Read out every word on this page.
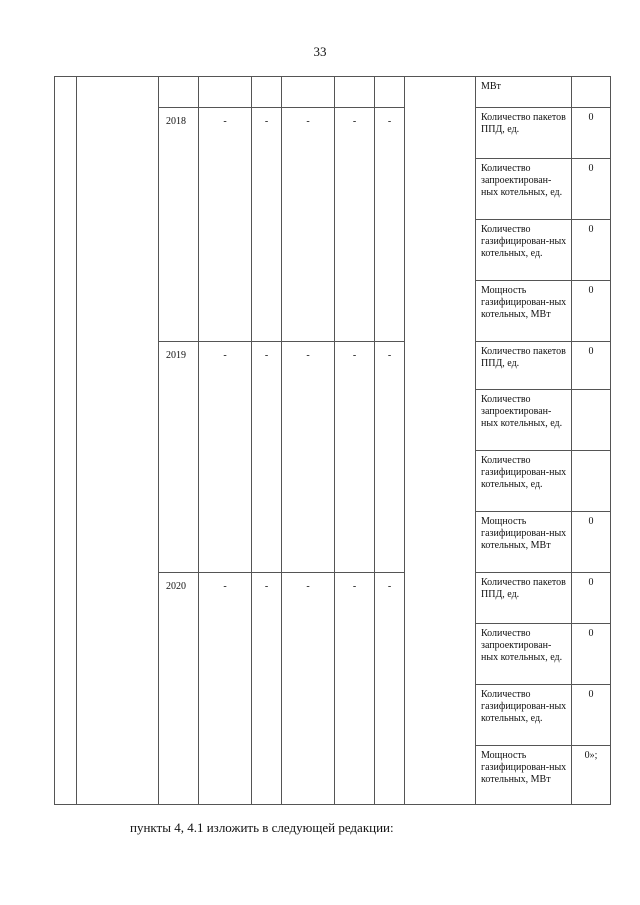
33
									МВт	
		2018	-	-	-	-	-		Количество пакетов ППД, ед.	0
									Количество запроектирован-ных котельных, ед.	0
									Количество газифицирован-ных котельных, ед.	0
									Мощность газифицирован-ных котельных, МВт	0
		2019	-	-	-	-	-		Количество пакетов ППД, ед.	0
									Количество запроектирован-ных котельных, ед.	
									Количество газифицирован-ных котельных, ед.	
									Мощность газифицирован-ных котельных, МВт	0
		2020	-	-	-	-	-		Количество пакетов ППД, ед.	0
									Количество запроектирован-ных котельных, ед.	0
									Количество газифицирован-ных котельных, ед.	0
									Мощность газифицирован-ных котельных, МВт	0»;
пункты 4, 4.1 изложить в следующей редакции:
